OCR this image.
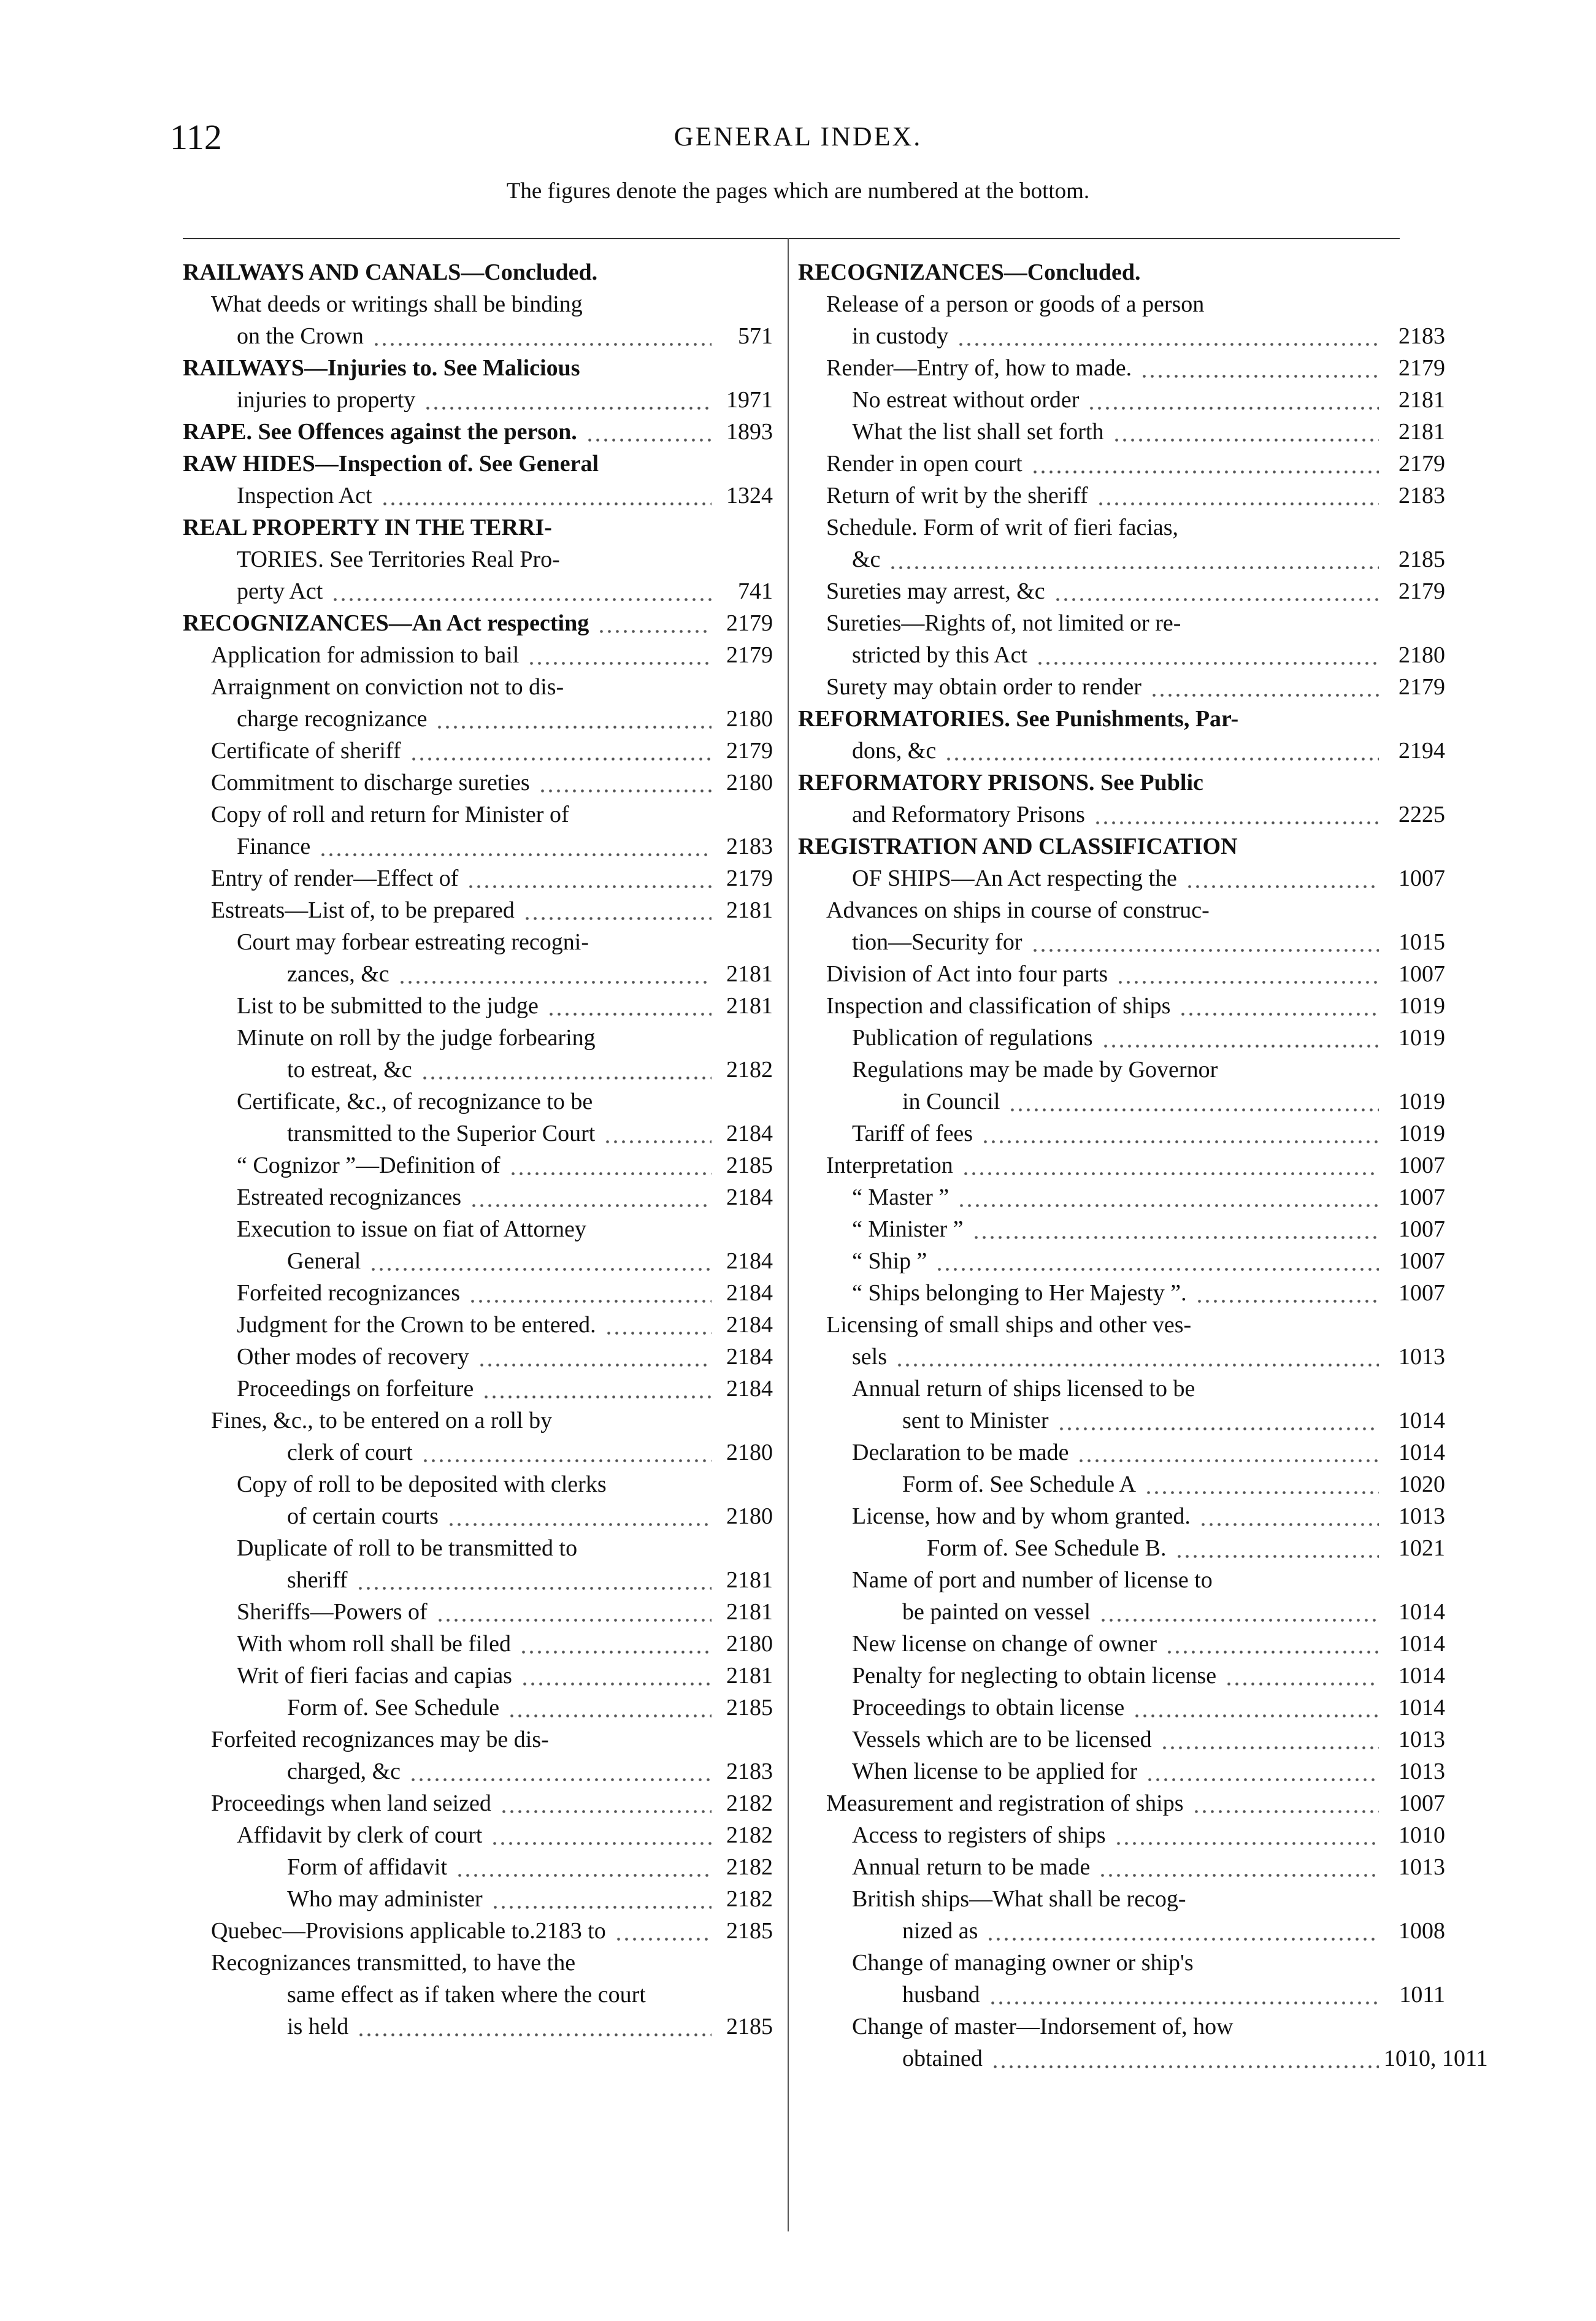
112	GENERAL INDEX.
The figures denote the pages which are numbered at the bottom.
RAILWAYS AND CANALS—Concluded.
What deeds or writings shall be binding
on the Crown	571
RAILWAYS—Injuries to. See Malicious
injuries to property	1971
RAPE. See Offences against the person.	1893
RAW HIDES—Inspection of. See General
Inspection Act	1324
REAL PROPERTY IN THE TERRI-
TORIES. See Territories Real Pro-
perty Act	741
RECOGNIZANCES—An Act respecting	2179
Application for admission to bail	2179
Arraignment on conviction not to dis-
charge recognizance	2180
Certificate of sheriff	2179
Commitment to discharge sureties	2180
Copy of roll and return for Minister of
Finance	2183
Entry of render—Effect of	2179
Estreats—List of, to be prepared	2181
Court may forbear estreating recogni-
zances, &c	2181
List to be submitted to the judge	2181
Minute on roll by the judge forbearing
to estreat, &c	2182
Certificate, &c., of recognizance to be
transmitted to the Superior Court	2184
“ Cognizor ”—Definition of	2185
Estreated recognizances	2184
Execution to issue on fiat of Attorney
General	2184
Forfeited recognizances	2184
Judgment for the Crown to be entered.	2184
Other modes of recovery	2184
Proceedings on forfeiture	2184
Fines, &c., to be entered on a roll by
clerk of court	2180
Copy of roll to be deposited with clerks
of certain courts	2180
Duplicate of roll to be transmitted to
sheriff	2181
Sheriffs—Powers of	2181
With whom roll shall be filed	2180
Writ of fieri facias and capias	2181
Form of. See Schedule	2185
Forfeited recognizances may be dis-
charged, &c	2183
Proceedings when land seized	2182
Affidavit by clerk of court	2182
Form of affidavit	2182
Who may administer	2182
Quebec—Provisions applicable to.2183 to	2185
Recognizances transmitted, to have the
same effect as if taken where the court
is held	2185
RECOGNIZANCES—Concluded.
Release of a person or goods of a person
in custody	2183
Render—Entry of, how to made.	2179
No estreat without order	2181
What the list shall set forth	2181
Render in open court	2179
Return of writ by the sheriff	2183
Schedule. Form of writ of fieri facias,
&c	2185
Sureties may arrest, &c	2179
Sureties—Rights of, not limited or re-
stricted by this Act	2180
Surety may obtain order to render	2179
REFORMATORIES. See Punishments, Par-
dons, &c	2194
REFORMATORY PRISONS. See Public
and Reformatory Prisons	2225
REGISTRATION AND CLASSIFICATION
OF SHIPS—An Act respecting the	1007
Advances on ships in course of construc-
tion—Security for	1015
Division of Act into four parts	1007
Inspection and classification of ships	1019
Publication of regulations	1019
Regulations may be made by Governor
in Council	1019
Tariff of fees	1019
Interpretation	1007
“ Master ”	1007
“ Minister ”	1007
“ Ship ”	1007
“ Ships belonging to Her Majesty ”.	1007
Licensing of small ships and other ves-
sels	1013
Annual return of ships licensed to be
sent to Minister	1014
Declaration to be made	1014
Form of. See Schedule A	1020
License, how and by whom granted.	1013
Form of. See Schedule B.	1021
Name of port and number of license to
be painted on vessel	1014
New license on change of owner	1014
Penalty for neglecting to obtain license	1014
Proceedings to obtain license	1014
Vessels which are to be licensed	1013
When license to be applied for	1013
Measurement and registration of ships	1007
Access to registers of ships	1010
Annual return to be made	1013
British ships—What shall be recog-
nized as	1008
Change of managing owner or ship's
husband	1011
Change of master—Indorsement of, how
obtained	1010, 1011
